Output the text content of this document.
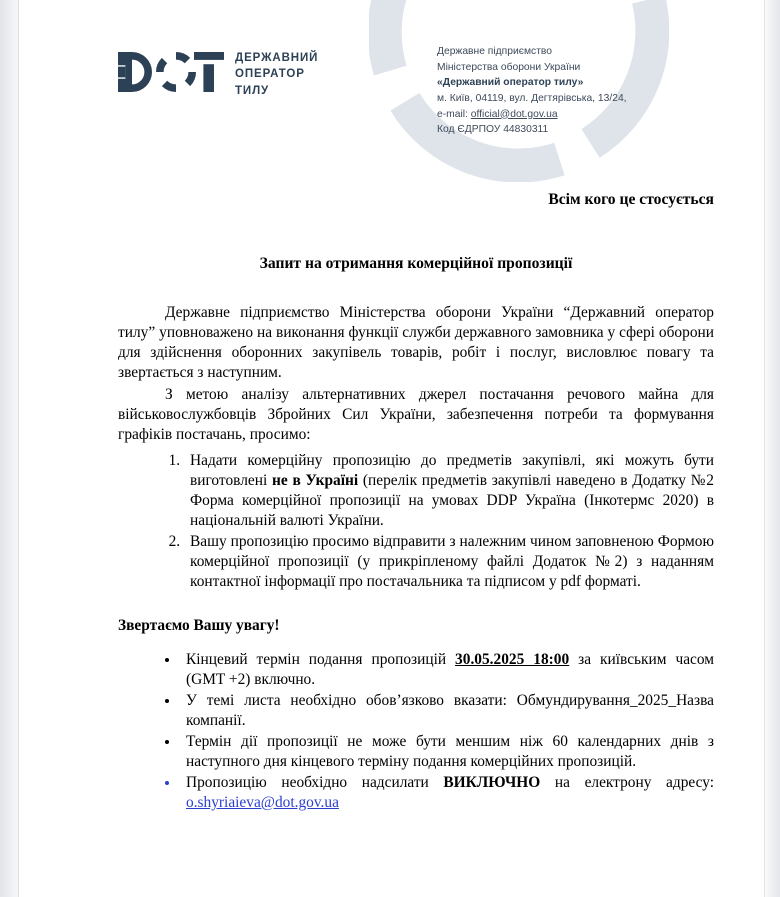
ДЕРЖАВНИЙ
ОПЕРАТОР
ТИЛУ
Державне підприємство
Міністерства оборони України
«Державний оператор тилу»
м. Київ, 04119, вул. Дегтярівська, 13/24,
e-mail: official@dot.gov.ua
Код ЄДРПОУ 44830311
Всім кого це стосується
Запит на отримання комерційної пропозиції

Державне підприємство Міністерства оборони України “Державний оператор тилу” уповноважено на виконання функції служби державного замовника у сфері оборони для здійснення оборонних закупівель товарів, робіт і послуг, висловлює повагу та звертається з наступним.

З метою аналізу альтернативних джерел постачання речового майна для військовослужбовців Збройних Сил України, забезпечення потреби та формування графіків постачань, просимо:

1. Надати комерційну пропозицію до предметів закупівлі, які можуть бути виготовлені не в Україні (перелік предметів закупівлі наведено в Додатку №2 Форма комерційної пропозиції на умовах DDP Україна (Інкотермс 2020) в національній валюті України.
2. Вашу пропозицію просимо відправити з належним чином заповненою Формою комерційної пропозиції (у прикріпленому файлі Додаток №2) з наданням контактної інформації про постачальника та підписом у pdf форматі.
Звертаємо Вашу увагу!
• Кінцевий термін подання пропозицій 30.05.2025 18:00 за київським часом (GMT +2) включно.
• У темі листа необхідно обов’язково вказати: Обмундирування_2025_Назва компанії.
• Термін дії пропозиції не може бути меншим ніж 60 календарних днів з наступного дня кінцевого терміну подання комерційних пропозицій.
• Пропозицію необхідно надсилати ВИКЛЮЧНО на електрону адресу: o.shyriaieva@dot.gov.ua
